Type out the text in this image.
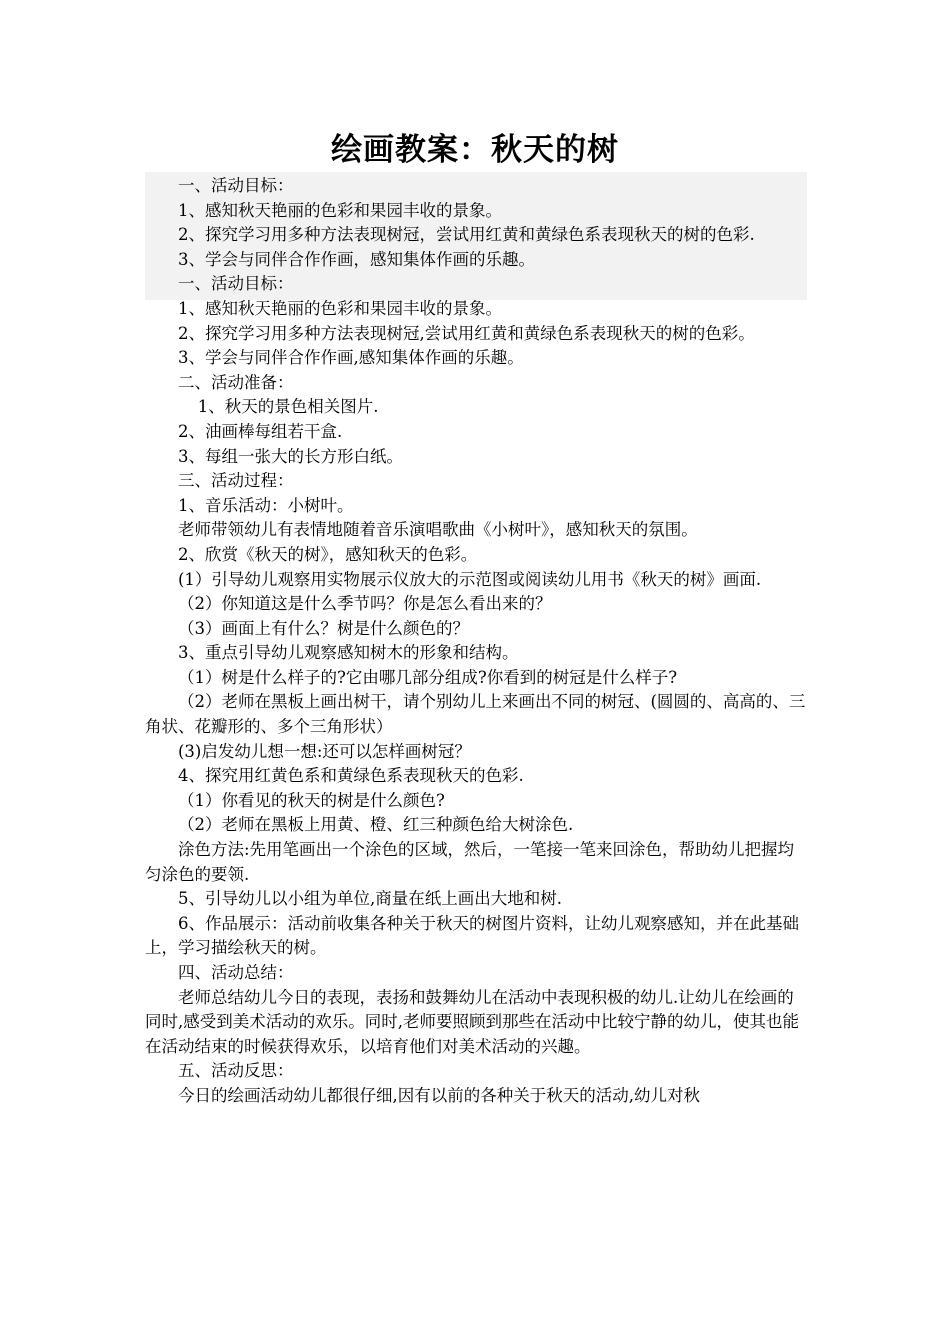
绘画教案：秋天的树

一、活动目标：

1、感知秋天艳丽的色彩和果园丰收的景象。

2、探究学习用多种方法表现树冠，尝试用红黄和黄绿色系表现秋天的树的色彩.

3、学会与同伴合作作画，感知集体作画的乐趣。

一、活动目标：

1、感知秋天艳丽的色彩和果园丰收的景象。

2、探究学习用多种方法表现树冠,尝试用红黄和黄绿色系表现秋天的树的色彩。

3、学会与同伴合作作画,感知集体作画的乐趣。

二、活动准备：

1、秋天的景色相关图片.

2、油画棒每组若干盒.

3、每组一张大的长方形白纸。

三、活动过程：

1、音乐活动：小树叶。

老师带领幼儿有表情地随着音乐演唱歌曲《小树叶》，感知秋天的氛围。

2、欣赏《秋天的树》，感知秋天的色彩。

(1）引导幼儿观察用实物展示仪放大的示范图或阅读幼儿用书《秋天的树》画面.

（2）你知道这是什么季节吗？你是怎么看出来的？

（3）画面上有什么？树是什么颜色的？

3、重点引导幼儿观察感知树木的形象和结构。

（1）树是什么样子的?它由哪几部分组成?你看到的树冠是什么样子?

（2）老师在黑板上画出树干，请个别幼儿上来画出不同的树冠、(圆圆的、高高的、三角状、花瓣形的、多个三角形状）

(3)启发幼儿想一想:还可以怎样画树冠？

4、探究用红黄色系和黄绿色系表现秋天的色彩.

（1）你看见的秋天的树是什么颜色?

（2）老师在黑板上用黄、橙、红三种颜色给大树涂色.

涂色方法:先用笔画出一个涂色的区域，然后，一笔接一笔来回涂色，帮助幼儿把握均匀涂色的要领.

5、引导幼儿以小组为单位,商量在纸上画出大地和树.

6、作品展示：活动前收集各种关于秋天的树图片资料，让幼儿观察感知，并在此基础上，学习描绘秋天的树。

四、活动总结：

老师总结幼儿今日的表现，表扬和鼓舞幼儿在活动中表现积极的幼儿.让幼儿在绘画的同时,感受到美术活动的欢乐。同时,老师要照顾到那些在活动中比较宁静的幼儿，使其也能在活动结束的时候获得欢乐，以培育他们对美术活动的兴趣。

五、活动反思：

今日的绘画活动幼儿都很仔细,因有以前的各种关于秋天的活动,幼儿对秋
